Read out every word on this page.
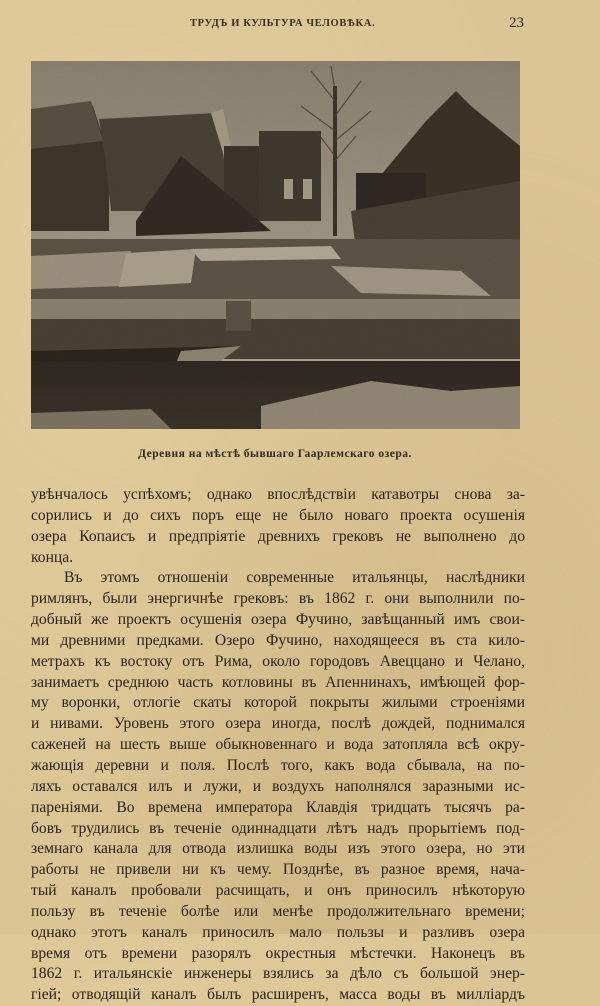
ТРУДЪ И КУЛЬТУРА ЧЕЛОВѢКА.	23
Деревня на мѣстѣ бывшаго Гаарлемскаго озера.
увѣнчалось успѣхомъ; однако впослѣдствіи катавотры снова за-
сорились и до сихъ поръ еще не было новаго проекта осушенія
озера Копаисъ и предпріятіе древнихъ грековъ не выполнено до
конца.
Въ этомъ отношеніи современные итальянцы, наслѣдники
римлянъ, были энергичнѣе грековъ: въ 1862 г. они выполнили по-
добный же проектъ осушенія озера Фучино, завѣщанный имъ свои-
ми древними предками. Озеро Фучино, находящееся въ ста кило-
метрахъ къ востоку отъ Рима, около городовъ Авеццано и Челано,
занимаетъ среднюю часть котловины въ Апеннинахъ, имѣющей фор-
му воронки, отлогіе скаты которой покрыты жилыми строеніями
и нивами. Уровень этого озера иногда, послѣ дождей, поднимался
саженей на шесть выше обыкновеннаго и вода затопляла всѣ окру-
жающія деревни и поля. Послѣ того, какъ вода сбывала, на по-
ляхъ оставался илъ и лужи, и воздухъ наполнялся заразными ис-
пареніями. Во времена императора Клавдія тридцать тысячъ ра-
бовъ трудились въ теченіе одиннадцати лѣтъ надъ прорытіемъ под-
земнаго канала для отвода излишка воды изъ этого озера, но эти
работы не привели ни къ чему. Позднѣе, въ разное время, нача-
тый каналъ пробовали расчищать, и онъ приносилъ нѣкоторую
пользу въ теченіе болѣе или менѣе продолжительнаго времени;
однако этотъ каналъ приносилъ мало пользы и разливъ озера
время отъ времени разорялъ окрестныя мѣстечки. Наконецъ въ
1862 г. итальянскіе инженеры взялись за дѣло съ большой энер-
гіей; отводящій каналъ былъ расширенъ, масса воды въ милліардъ
